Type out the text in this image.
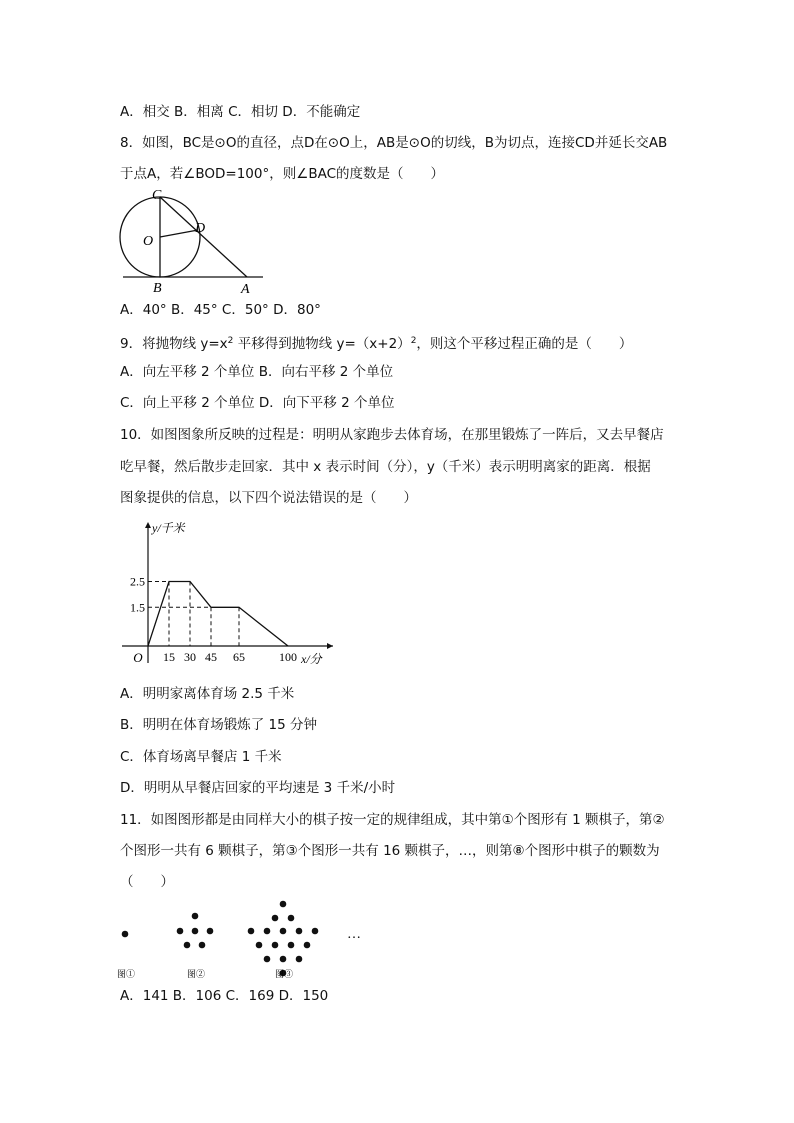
A．相交 B．相离 C．相切 D．不能确定
8．如图，BC是⊙O的直径，点D在⊙O上，AB是⊙O的切线，B为切点，连接CD并延长交AB
于点A，若∠BOD=100°，则∠BAC的度数是（　　）
C
O
D
B	A
A．40° B．45° C．50° D．80°
9．将抛物线 $y=x^2$ 平移得到抛物线 $y=(x+2)^2$，则这个平移过程正确的是（　　）
A．向左平移 2 个单位 B．向右平移 2 个单位
C．向上平移 2 个单位 D．向下平移 2 个单位
10．如图图象所反映的过程是：明明从家跑步去体育场，在那里锻炼了一阵后，又去早餐店
吃早餐，然后散步走回家．其中 x 表示时间（分），y（千米）表示明明离家的距离．根据
图象提供的信息，以下四个说法错误的是（　　）
15 30 45 65	100
2.5
1.5
O	x/分
y/千米
A．明明家离体育场 2.5 千米
B．明明在体育场锻炼了 15 分钟
C．体育场离早餐店 1 千米
D．明明从早餐店回家的平均速是 3 千米/小时
11．如图图形都是由同样大小的棋子按一定的规律组成，其中第①个图形有 1 颗棋子，第②
个图形一共有 6 颗棋子，第③个图形一共有 16 颗棋子，…，则第⑧个图形中棋子的颗数为
（　　）
…
图①	图②	图③
A．141 B．106 C．169 D．150
